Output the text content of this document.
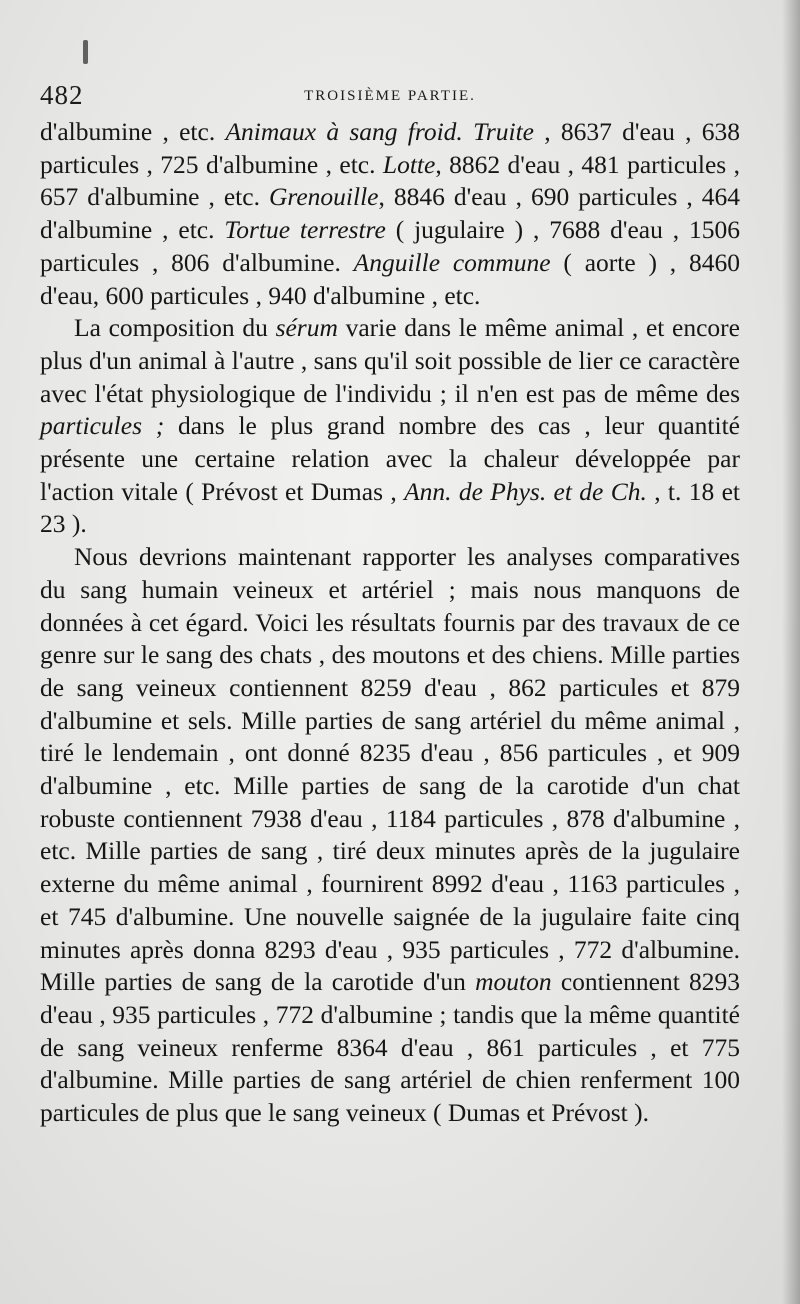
482	TROISIÈME PARTIE.

d'albumine , etc. Animaux à sang froid. Truite , 8637 d'eau , 638 particules , 725 d'albumine , etc. Lotte, 8862 d'eau , 481 particules , 657 d'albumine , etc. Grenouille, 8846 d'eau , 690 particules , 464 d'albumine , etc. Tortue terrestre ( jugulaire ) , 7688 d'eau , 1506 particules , 806 d'albumine. Anguille commune ( aorte ) , 8460 d'eau, 600 particules , 940 d'albumine , etc.

La composition du sérum varie dans le même animal , et encore plus d'un animal à l'autre , sans qu'il soit possible de lier ce caractère avec l'état physiologique de l'individu ; il n'en est pas de même des particules ; dans le plus grand nombre des cas , leur quantité présente une certaine relation avec la chaleur développée par l'action vitale ( Prévost et Dumas , Ann. de Phys. et de Ch. , t. 18 et 23 ).

Nous devrions maintenant rapporter les analyses comparatives du sang humain veineux et artériel ; mais nous manquons de données à cet égard. Voici les résultats fournis par des travaux de ce genre sur le sang des chats , des moutons et des chiens. Mille parties de sang veineux contiennent 8259 d'eau , 862 particules et 879 d'albumine et sels. Mille parties de sang artériel du même animal , tiré le lendemain , ont donné 8235 d'eau , 856 particules , et 909 d'albumine , etc. Mille parties de sang de la carotide d'un chat robuste contiennent 7938 d'eau , 1184 particules , 878 d'albumine , etc. Mille parties de sang , tiré deux minutes après de la jugulaire externe du même animal , fournirent 8992 d'eau , 1163 particules , et 745 d'albumine. Une nouvelle saignée de la jugulaire faite cinq minutes après donna 8293 d'eau , 935 particules , 772 d'albumine. Mille parties de sang de la carotide d'un mouton contiennent 8293 d'eau , 935 particules , 772 d'albumine ; tandis que la même quantité de sang veineux renferme 8364 d'eau , 861 particules , et 775 d'albumine. Mille parties de sang artériel de chien renferment 100 particules de plus que le sang veineux ( Dumas et Prévost ).
